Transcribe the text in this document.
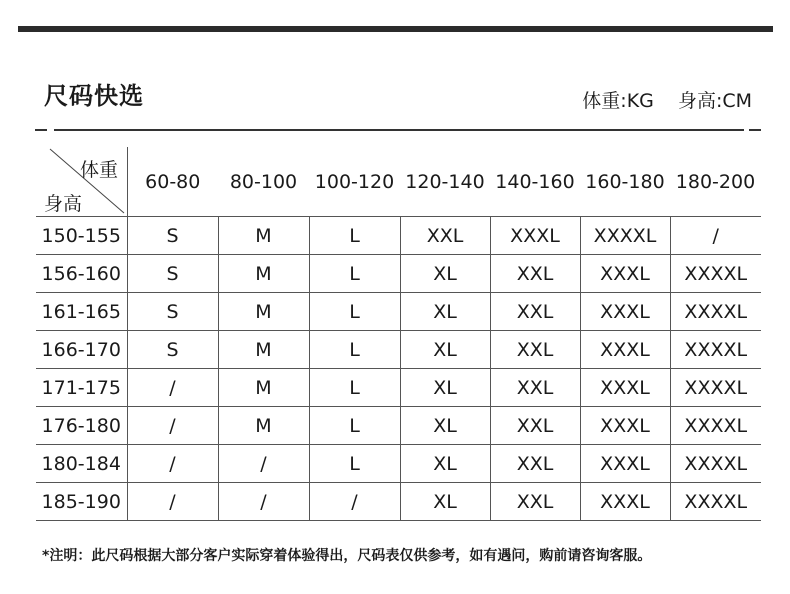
尺码快选	体重:KG 身高:CM
体重
身高	60-80	80-100	100-120	120-140	140-160	160-180	180-200
150-155	S	M	L	XXL	XXXL	XXXXL	/
156-160	S	M	L	XL	XXL	XXXL	XXXXL
161-165	S	M	L	XL	XXL	XXXL	XXXXL
166-170	S	M	L	XL	XXL	XXXL	XXXXL
171-175	/	M	L	XL	XXL	XXXL	XXXXL
176-180	/	M	L	XL	XXL	XXXL	XXXXL
180-184	/	/	L	XL	XXL	XXXL	XXXXL
185-190	/	/	/	XL	XXL	XXXL	XXXXL
*注明：此尺码根据大部分客户实际穿着体验得出，尺码表仅供参考，如有遇问，购前请咨询客服。
